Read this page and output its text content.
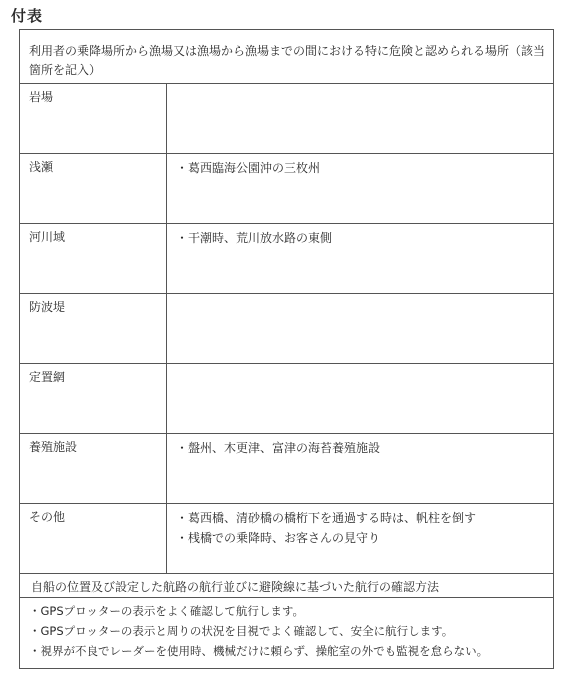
付表
利用者の乗降場所から漁場又は漁場から漁場までの間における特に危険と認められる場所（該当箇所を記入）	

岩場	

浅瀬	・葛西臨海公園沖の三枚州

河川域	・干潮時、荒川放水路の東側

防波堤	

定置網	

養殖施設	・盤州、木更津、富津の海苔養殖施設

その他	・葛西橋、清砂橋の橋桁下を通過する時は、帆柱を倒す
・桟橋での乗降時、お客さんの見守り

自船の位置及び設定した航路の航行並びに避険線に基づいた航行の確認方法	

・GPSプロッターの表示をよく確認して航行します。
・GPSプロッターの表示と周りの状況を目視でよく確認して、安全に航行します。
・視界が不良でレーダーを使用時、機械だけに頼らず、操舵室の外でも監視を怠らない。	
